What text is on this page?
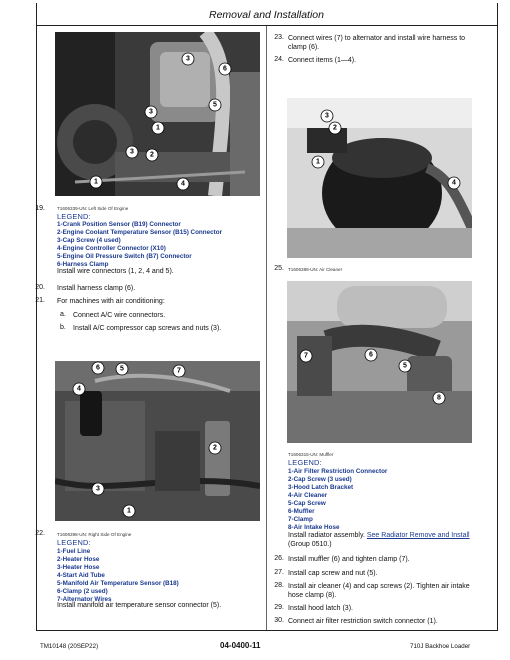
Removal and Installation
3
6
5
3
1
2
3
4
1
19.	T1606339-UN: Left Side Of Engine
LEGEND:
1-Crank Position Sensor (B19) Connector
2-Engine Coolant Temperature Sensor (B15) Connector
3-Cap Screw (4 used)
4-Engine Controller Connector (X10)
5-Engine Oil Pressure Switch (B7) Connector
6-Harness Clamp
Install wire connectors (1, 2, 4 and 5).
20. Install harness clamp (6).
21. For machines with air conditioning:
a. Connect A/C wire connectors.
b. Install A/C compressor cap screws and nuts (3).
6	5	7
4
2
3
1
22.	T1606398-UN: Right Side Of Engine
LEGEND:
1-Fuel Line
2-Heater Hose
3-Heater Hose
4-Start Aid Tube
5-Manifold Air Temperature Sensor (B18)
6-Clamp (2 used)
7-Alternator Wires
Install manifold air temperature sensor connector (5).
23. Connect wires (7) to alternator and install wire harness to
clamp (6).
24. Connect items (1—4).
3
2
1
4
25. T1606388-UN: Air Cleaner
7	6
5
8
T1606315-UN: Muffler
LEGEND:
1-Air Filter Restriction Connector
2-Cap Screw (3 used)
3-Hood Latch Bracket
4-Air Cleaner
5-Cap Screw
6-Muffler
7-Clamp
8-Air Intake Hose
Install radiator assembly. See Radiator Remove and Install
(Group 0510.)
26. Install muffler (6) and tighten clamp (7).
27. Install cap screw and nut (5).
28. Install air cleaner (4) and cap screws (2). Tighten air intake
hose clamp (8).
29. Install hood latch (3).
30. Connect air filter restriction switch connector (1).
TM10148 (20SEP22)	04-0400-11	710J Backhoe Loader
